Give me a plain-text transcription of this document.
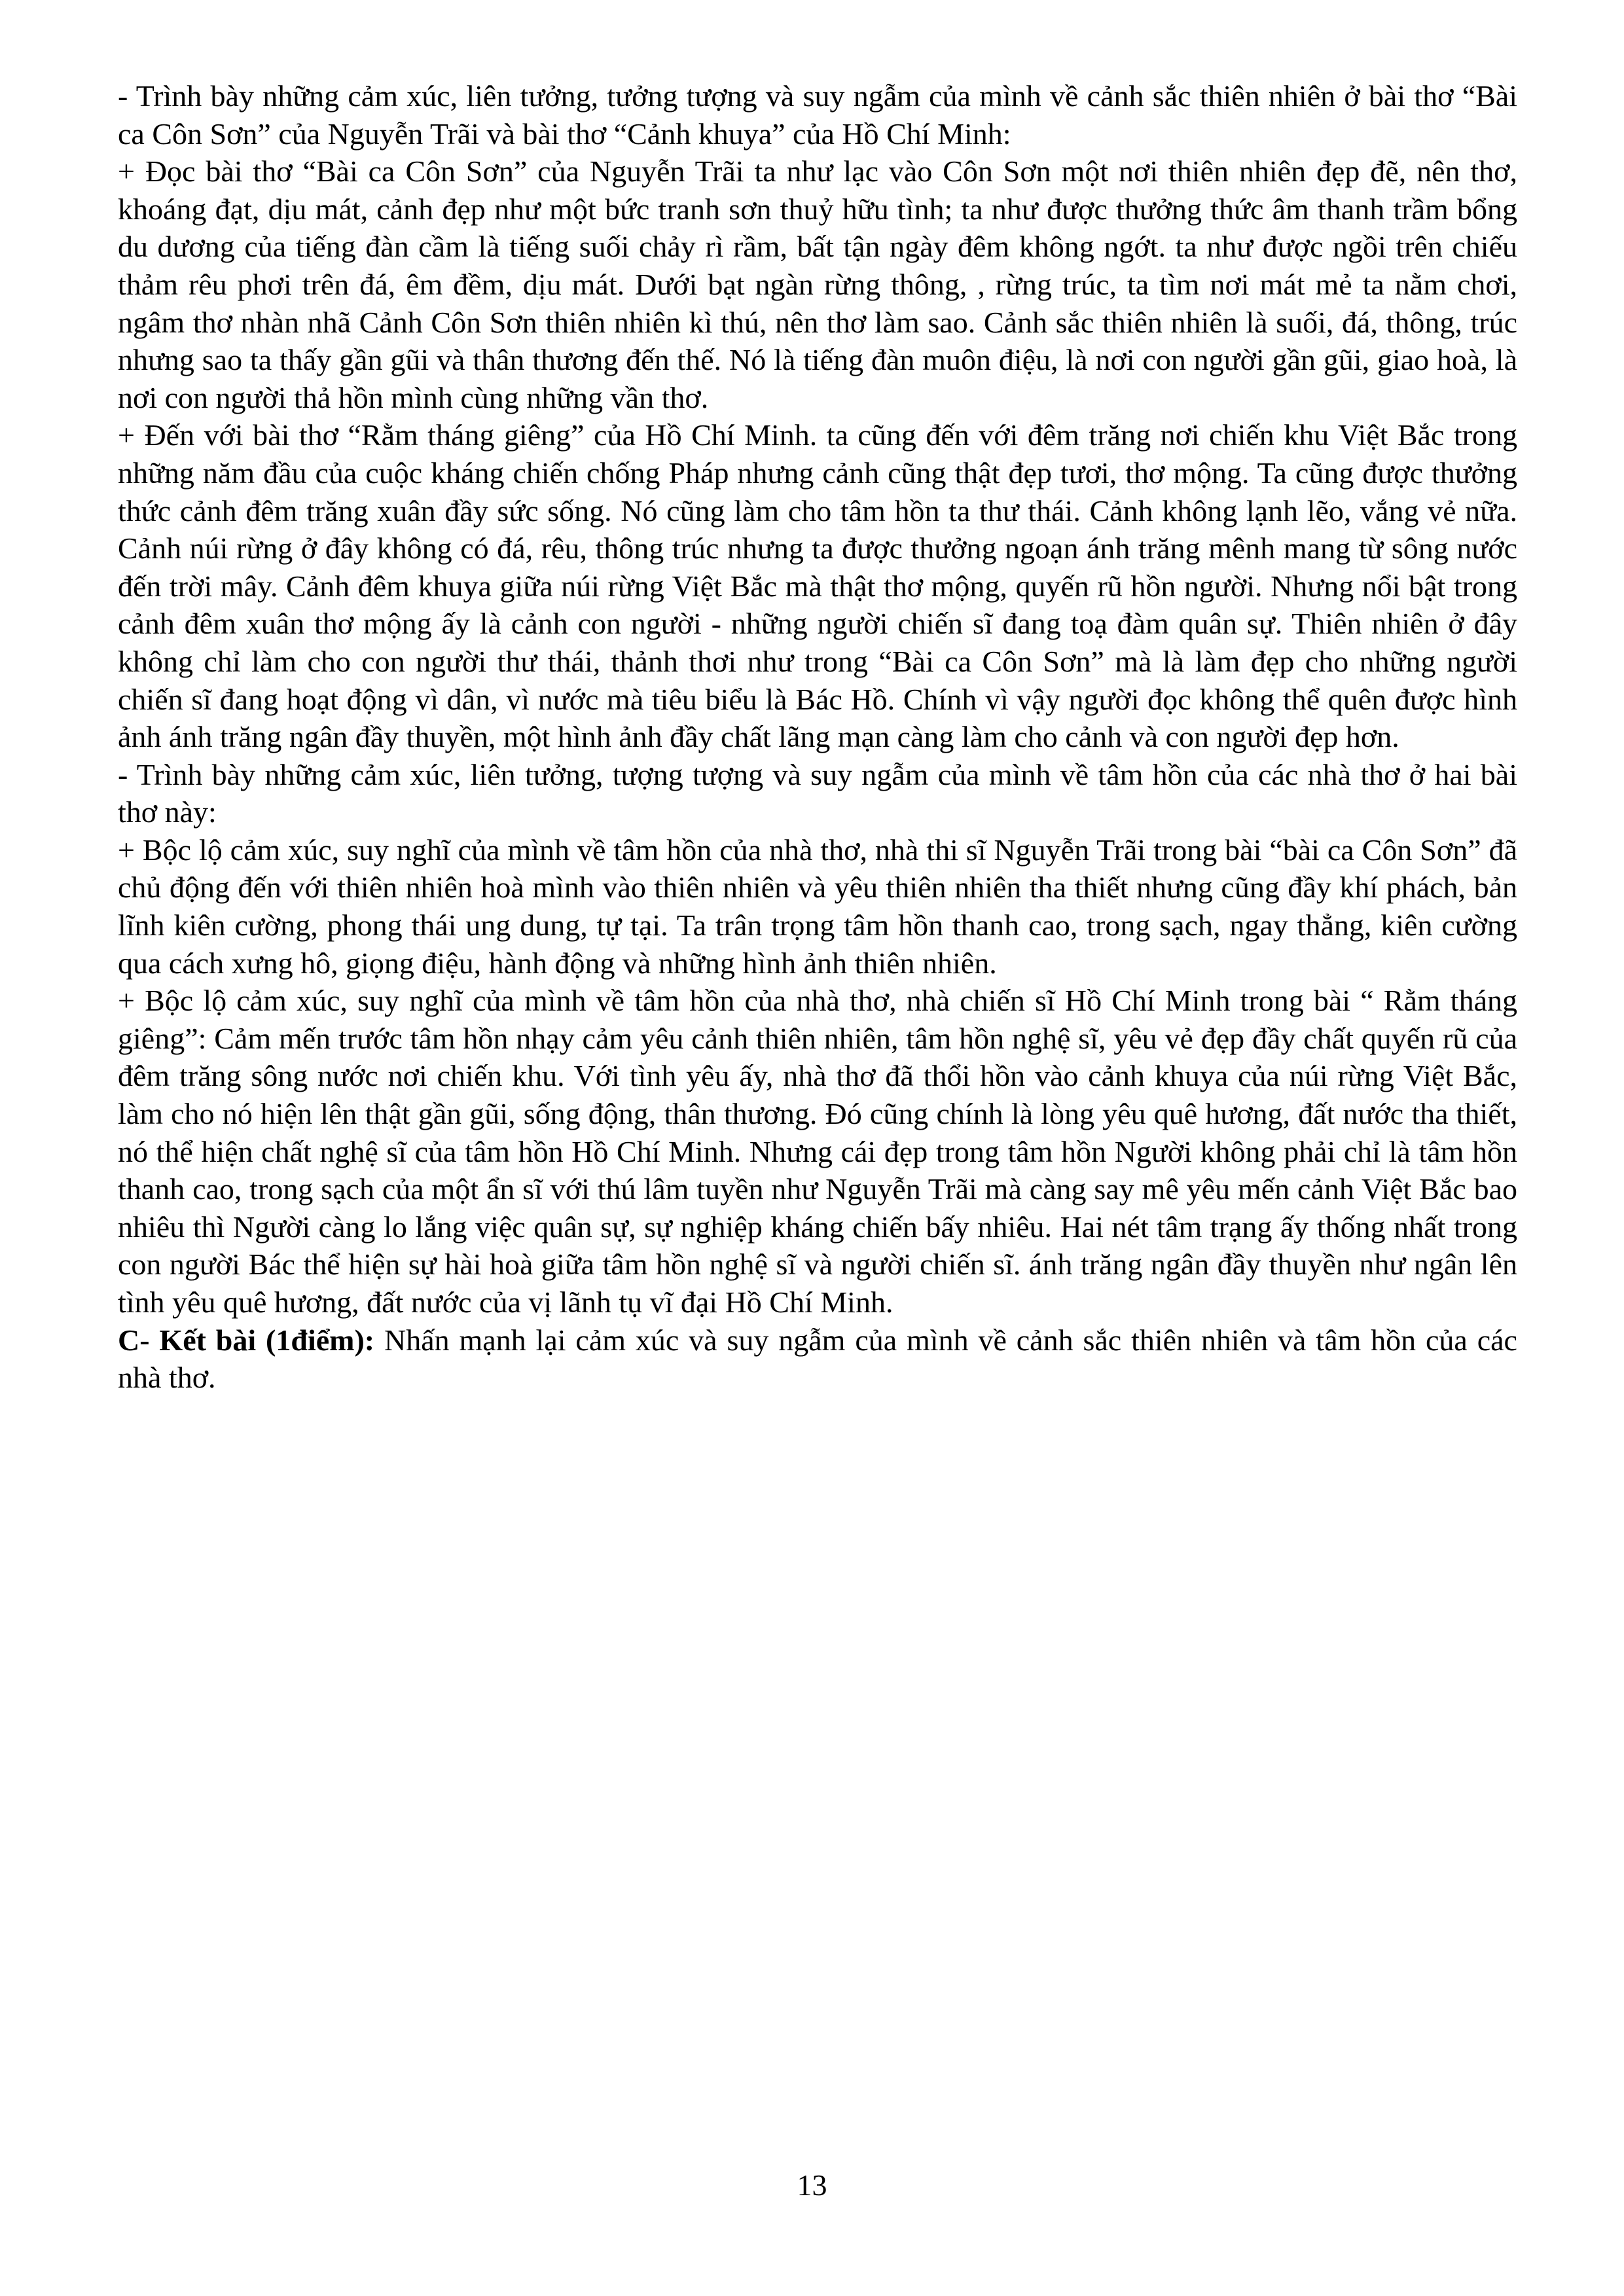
- Trình bày những cảm xúc, liên tưởng, tưởng tượng và suy ngẫm của mình về cảnh sắc thiên nhiên ở bài thơ “Bài ca Côn Sơn” của Nguyễn Trãi và bài thơ “Cảnh khuya” của Hồ Chí Minh:

+ Đọc bài thơ “Bài ca Côn Sơn” của Nguyễn Trãi ta như lạc vào Côn Sơn một nơi thiên nhiên đẹp đẽ, nên thơ, khoáng đạt, dịu mát, cảnh đẹp như một bức tranh sơn thuỷ hữu tình; ta như được thưởng thức âm thanh trầm bổng du dương của tiếng đàn cầm là tiếng suối chảy rì rầm, bất tận ngày đêm không ngớt. ta như được ngồi trên chiếu thảm rêu phơi trên đá, êm đềm, dịu mát. Dưới bạt ngàn rừng thông, , rừng trúc, ta tìm nơi mát mẻ ta nằm chơi, ngâm thơ nhàn nhã Cảnh Côn Sơn thiên nhiên kì thú, nên thơ làm sao. Cảnh sắc thiên nhiên là suối, đá, thông, trúc nhưng sao ta thấy gần gũi và thân thương đến thế. Nó là tiếng đàn muôn điệu, là nơi con người gần gũi, giao hoà, là nơi con người thả hồn mình cùng những vần thơ.

+ Đến với bài thơ “Rằm tháng giêng” của Hồ Chí Minh. ta cũng đến với đêm trăng nơi chiến khu Việt Bắc trong những năm đầu của cuộc kháng chiến chống Pháp nhưng cảnh cũng thật đẹp tươi, thơ mộng. Ta cũng được thưởng thức cảnh đêm trăng xuân đầy sức sống. Nó cũng làm cho tâm hồn ta thư thái. Cảnh không lạnh lẽo, vắng vẻ nữa. Cảnh núi rừng ở đây không có đá, rêu, thông trúc nhưng ta được thưởng ngoạn ánh trăng mênh mang từ sông nước đến trời mây. Cảnh đêm khuya giữa núi rừng Việt Bắc mà thật thơ mộng, quyến rũ hồn người. Nhưng nổi bật trong cảnh đêm xuân thơ mộng ấy là cảnh con người - những người chiến sĩ đang toạ đàm quân sự. Thiên nhiên ở đây không chỉ làm cho con người thư thái, thảnh thơi như trong “Bài ca Côn Sơn” mà là làm đẹp cho những người chiến sĩ đang hoạt động vì dân, vì nước mà tiêu biểu là Bác Hồ. Chính vì vậy người đọc không thể quên được hình ảnh ánh trăng ngân đầy thuyền, một hình ảnh đầy chất lãng mạn càng làm cho cảnh và con người đẹp hơn.

- Trình bày những cảm xúc, liên tưởng, tượng tượng và suy ngẫm của mình về tâm hồn của các nhà thơ ở hai bài thơ này:

+ Bộc lộ cảm xúc, suy nghĩ của mình về tâm hồn của nhà thơ, nhà thi sĩ Nguyễn Trãi trong bài “bài ca Côn Sơn” đã chủ động đến với thiên nhiên hoà mình vào thiên nhiên và yêu thiên nhiên tha thiết nhưng cũng đầy khí phách, bản lĩnh kiên cường, phong thái ung dung, tự tại. Ta trân trọng tâm hồn thanh cao, trong sạch, ngay thẳng, kiên cường qua cách xưng hô, giọng điệu, hành động và những hình ảnh thiên nhiên.

+ Bộc lộ cảm xúc, suy nghĩ của mình về tâm hồn của nhà thơ, nhà chiến sĩ Hồ Chí Minh trong bài “ Rằm tháng giêng”: Cảm mến trước tâm hồn nhạy cảm yêu cảnh thiên nhiên, tâm hồn nghệ sĩ, yêu vẻ đẹp đầy chất quyến rũ của đêm trăng sông nước nơi chiến khu. Với tình yêu ấy, nhà thơ đã thổi hồn vào cảnh khuya của núi rừng Việt Bắc, làm cho nó hiện lên thật gần gũi, sống động, thân thương. Đó cũng chính là lòng yêu quê hương, đất nước tha thiết, nó thể hiện chất nghệ sĩ của tâm hồn Hồ Chí Minh. Nhưng cái đẹp trong tâm hồn Người không phải chỉ là tâm hồn thanh cao, trong sạch của một ẩn sĩ với thú lâm tuyền như Nguyễn Trãi mà càng say mê yêu mến cảnh Việt Bắc bao nhiêu thì Người càng lo lắng việc quân sự, sự nghiệp kháng chiến bấy nhiêu. Hai nét tâm trạng ấy thống nhất trong con người Bác thể hiện sự hài hoà giữa tâm hồn nghệ sĩ và người chiến sĩ. ánh trăng ngân đầy thuyền như ngân lên tình yêu quê hương, đất nước của vị lãnh tụ vĩ đại Hồ Chí Minh.

C- Kết bài (1điểm): Nhấn mạnh lại cảm xúc và suy ngẫm của mình về cảnh sắc thiên nhiên và tâm hồn của các nhà thơ.

13
